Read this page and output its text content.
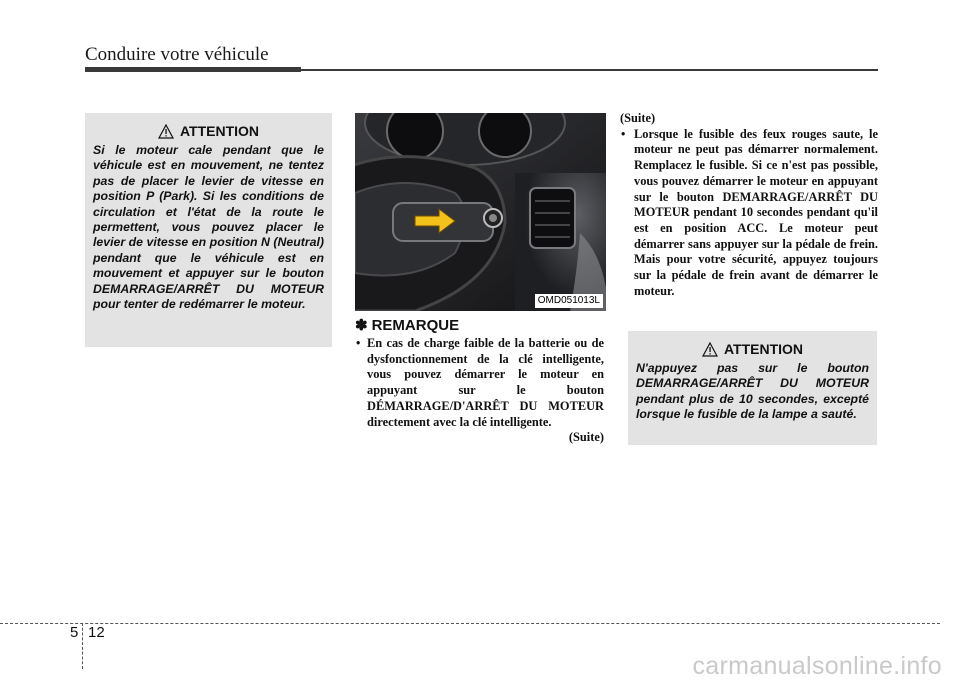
Conduire votre véhicule
ATTENTION
Si le moteur cale pendant que le véhicule est en mouvement, ne tentez pas de placer le levier de vitesse en position P (Park). Si les conditions de circulation et l'état de la route le permettent, vous pouvez placer le levier de vitesse en position N (Neutral) pendant que le véhicule est en mouvement et appuyer sur le bouton DEMARRAGE/ARRÊT DU MOTEUR pour tenter de redémarrer le moteur.	OMD051013L
✽ REMARQUE
• En cas de charge faible de la batterie ou de dysfonctionnement de la clé intelligente, vous pouvez démarrer le moteur en appuyant sur le bouton DÉMARRAGE/D'ARRÊT DU MOTEUR directement avec la clé intelligente.
(Suite)
(Suite)
• Lorsque le fusible des feux rouges saute, le moteur ne peut pas démarrer normalement. Remplacez le fusible. Si ce n'est pas possible, vous pouvez démarrer le moteur en appuyant sur le bouton DEMARRAGE/ARRÊT DU MOTEUR pendant 10 secondes pendant qu'il est en position ACC. Le moteur peut démarrer sans appuyer sur la pédale de frein. Mais pour votre sécurité, appuyez toujours sur la pédale de frein avant de démarrer le moteur.
ATTENTION
N'appuyez pas sur le bouton DEMARRAGE/ARRÊT DU MOTEUR pendant plus de 10 secondes, excepté lorsque le fusible de la lampe a sauté.
5 12
carmanualsonline.info
